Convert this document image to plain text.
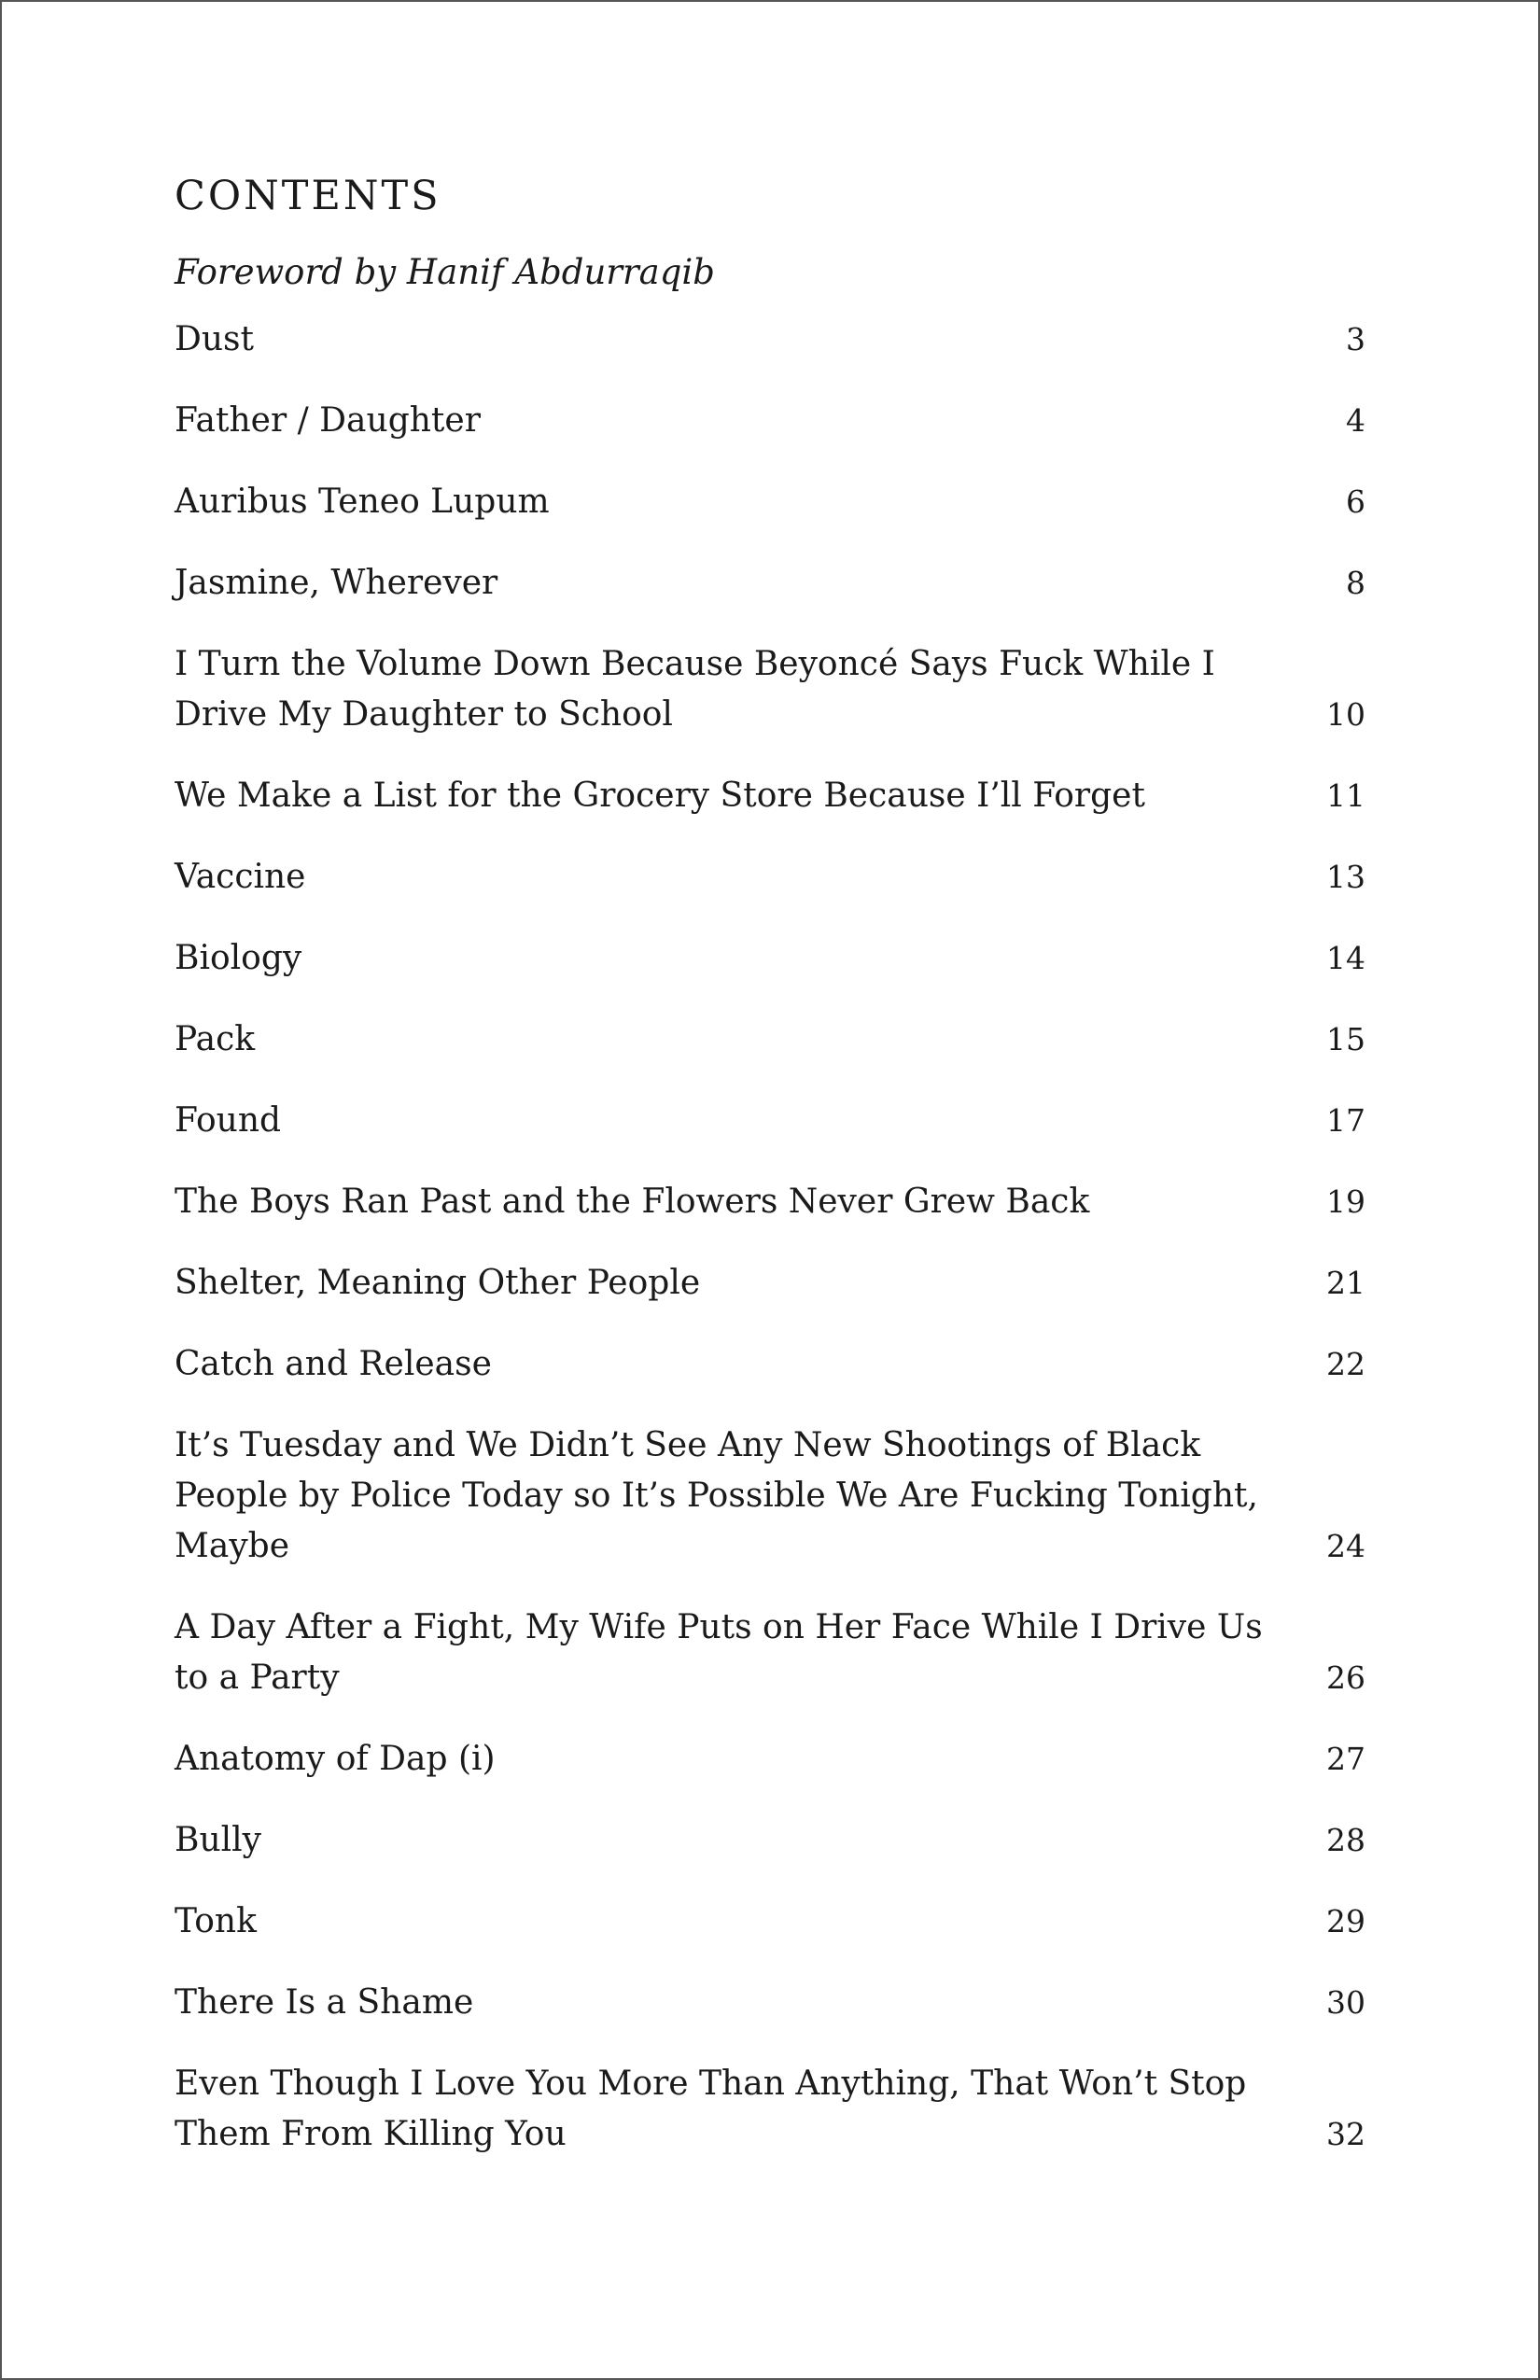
CONTENTS
Foreword by Hanif Abdurraqib
Dust	3
Father / Daughter	4
Auribus Teneo Lupum	6
Jasmine, Wherever	8
I Turn the Volume Down Because Beyoncé Says Fuck While I Drive My Daughter to School	10
We Make a List for the Grocery Store Because I’ll Forget	11
Vaccine	13
Biology	14
Pack	15
Found	17
The Boys Ran Past and the Flowers Never Grew Back	19
Shelter, Meaning Other People	21
Catch and Release	22
It’s Tuesday and We Didn’t See Any New Shootings of Black People by Police Today so It’s Possible We Are Fucking Tonight, Maybe	24
A Day After a Fight, My Wife Puts on Her Face While I Drive Us to a Party	26
Anatomy of Dap (i)	27
Bully	28
Tonk	29
There Is a Shame	30
Even Though I Love You More Than Anything, That Won’t Stop Them From Killing You	32
